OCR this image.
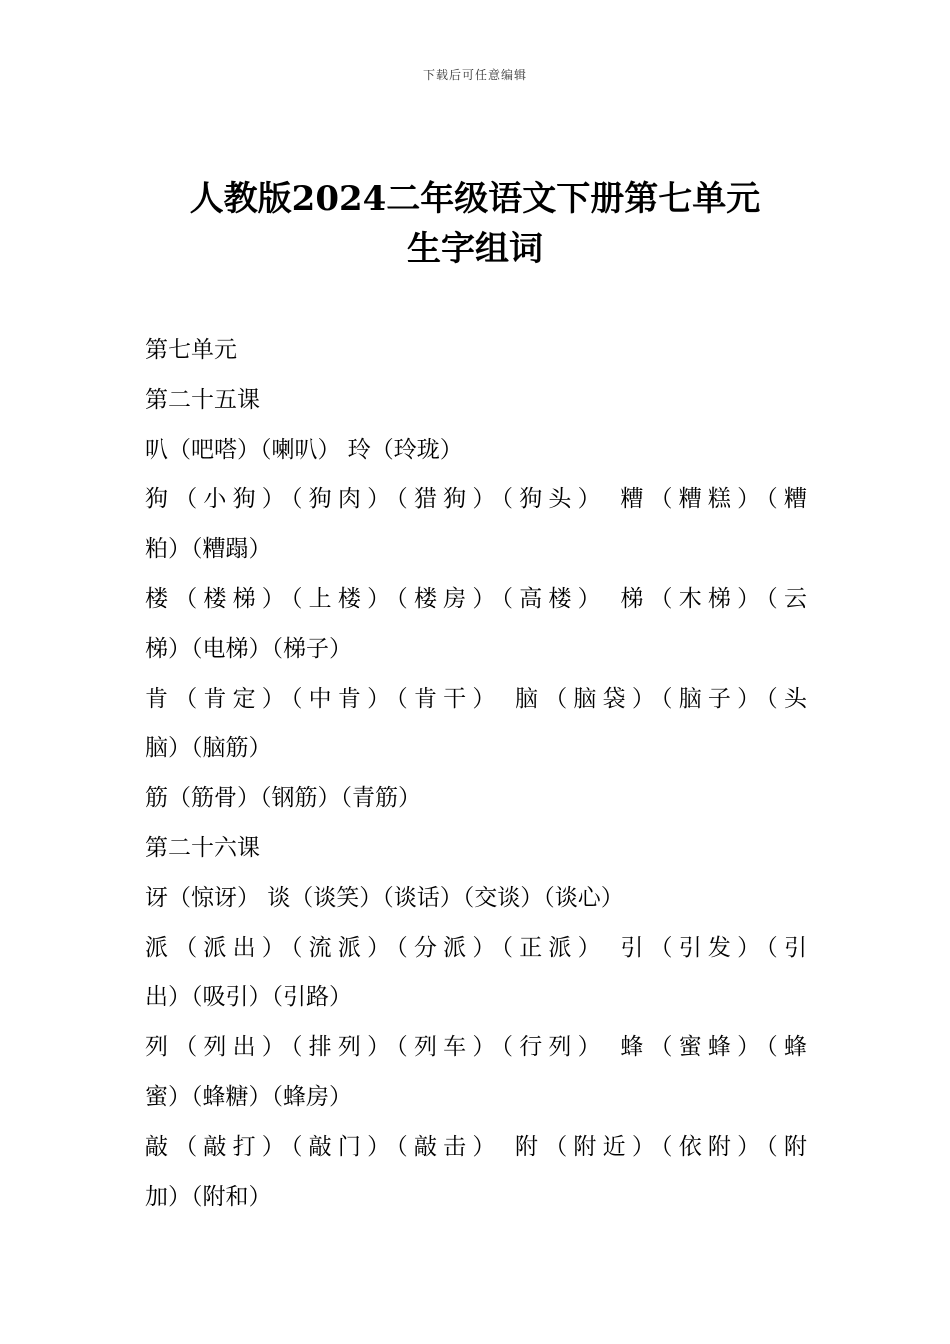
下载后可任意编辑
人教版2024二年级语文下册第七单元
生字组词
第七单元
第二十五课
叭（吧嗒）（喇叭） 玲（玲珑）
狗（小狗）（狗肉）（猎狗）（狗头） 糟（糟糕）（糟
粕）（糟蹋）
楼（楼梯）（上楼）（楼房）（高楼） 梯（木梯）（云
梯）（电梯）（梯子）
肯（肯定）（中肯）（肯干） 脑（脑袋）（脑子）（头
脑）（脑筋）
筋（筋骨）（钢筋）（青筋）
第二十六课
讶（惊讶） 谈（谈笑）（谈话）（交谈）（谈心）
派（派出）（流派）（分派）（正派） 引（引发）（引
出）（吸引）（引路）
列（列出）（排列）（列车）（行列） 蜂（蜜蜂）（蜂
蜜）（蜂糖）（蜂房）
敲（敲打）（敲门）（敲击） 附（附近）（依附）（附
加）（附和）
